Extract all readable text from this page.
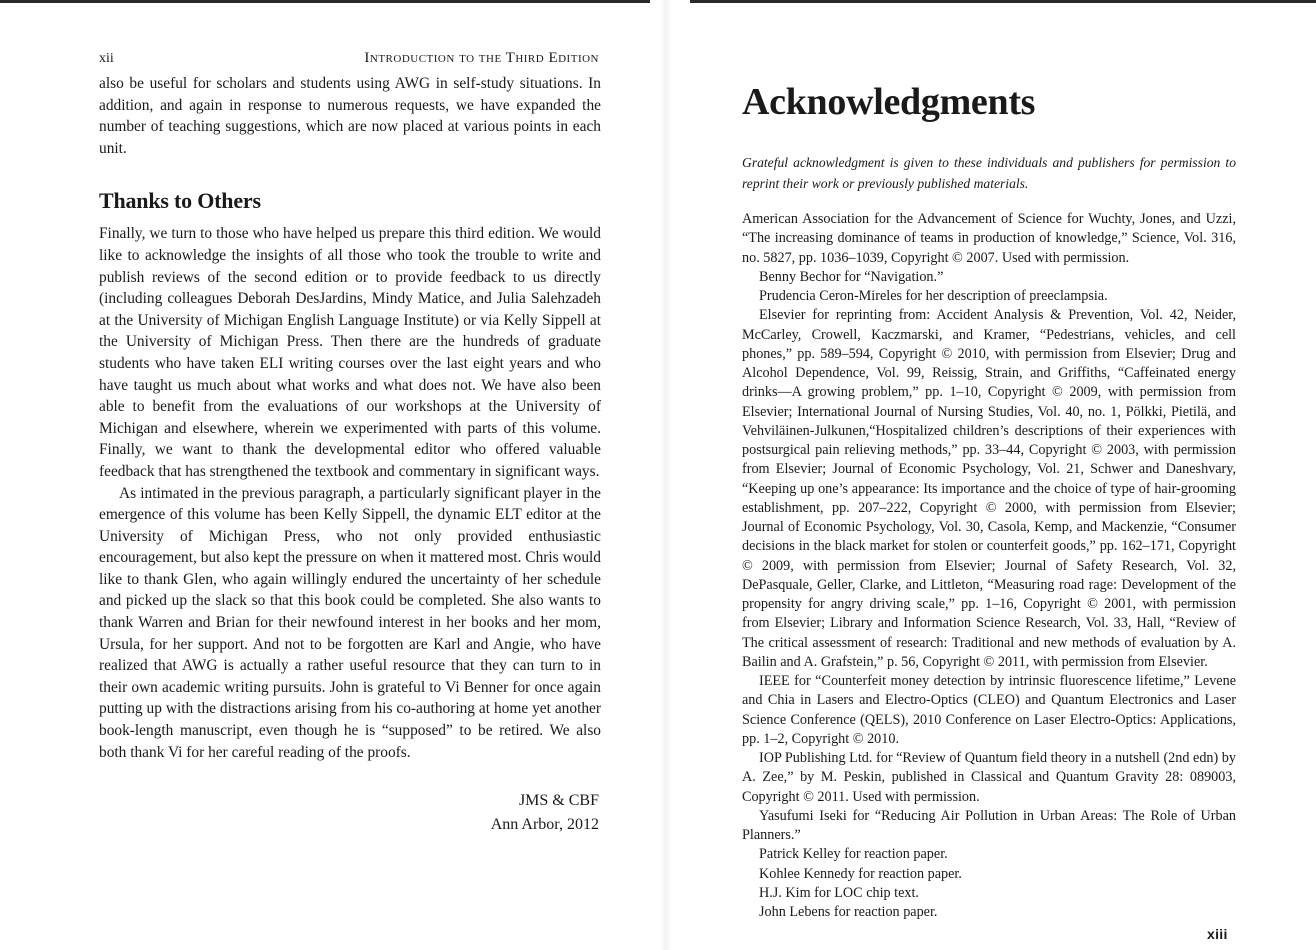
xii	Introduction to the Third Edition

also be useful for scholars and students using AWG in self-study situations. In addition, and again in response to numerous requests, we have expanded the number of teaching suggestions, which are now placed at various points in each unit.

Thanks to Others

Finally, we turn to those who have helped us prepare this third edition. We would like to acknowledge the insights of all those who took the trouble to write and publish reviews of the second edition or to provide feedback to us directly (including colleagues Deborah DesJardins, Mindy Matice, and Julia Salehzadeh at the University of Michigan English Language Institute) or via Kelly Sippell at the University of Michigan Press. Then there are the hundreds of graduate students who have taken ELI writing courses over the last eight years and who have taught us much about what works and what does not. We have also been able to benefit from the evaluations of our workshops at the University of Michigan and elsewhere, wherein we experimented with parts of this volume. Finally, we want to thank the developmental editor who offered valuable feedback that has strengthened the textbook and commentary in significant ways.

As intimated in the previous paragraph, a particularly significant player in the emergence of this volume has been Kelly Sippell, the dynamic ELT editor at the University of Michigan Press, who not only provided enthusiastic encouragement, but also kept the pressure on when it mattered most. Chris would like to thank Glen, who again willingly endured the uncertainty of her schedule and picked up the slack so that this book could be completed. She also wants to thank Warren and Brian for their newfound interest in her books and her mom, Ursula, for her support. And not to be forgotten are Karl and Angie, who have realized that AWG is actually a rather useful resource that they can turn to in their own academic writing pursuits. John is grateful to Vi Benner for once again putting up with the distractions arising from his co-authoring at home yet another book-length manuscript, even though he is “supposed” to be retired. We also both thank Vi for her careful reading of the proofs.

JMS & CBF
Ann Arbor, 2012
Acknowledgments

Grateful acknowledgment is given to these individuals and publishers for permission to reprint their work or previously published materials.

American Association for the Advancement of Science for Wuchty, Jones, and Uzzi, “The increasing dominance of teams in production of knowledge,” Science, Vol. 316, no. 5827, pp. 1036–1039, Copyright © 2007. Used with permission.

Benny Bechor for “Navigation.”

Prudencia Ceron-Mireles for her description of preeclampsia.

Elsevier for reprinting from: Accident Analysis & Prevention, Vol. 42, Neider, McCarley, Crowell, Kaczmarski, and Kramer, “Pedestrians, vehicles, and cell phones,” pp. 589–594, Copyright © 2010, with permission from Elsevier; Drug and Alcohol Dependence, Vol. 99, Reissig, Strain, and Griffiths, “Caffeinated energy drinks—A growing problem,” pp. 1–10, Copyright © 2009, with permission from Elsevier; International Journal of Nursing Studies, Vol. 40, no. 1, Pölkki, Pietilä, and Vehviläinen-Julkunen,“Hospitalized children’s descriptions of their experiences with postsurgical pain relieving methods,” pp. 33–44, Copyright © 2003, with permission from Elsevier; Journal of Economic Psychology, Vol. 21, Schwer and Daneshvary, “Keeping up one’s appearance: Its importance and the choice of type of hair-grooming establishment, pp. 207–222, Copyright © 2000, with permission from Elsevier; Journal of Economic Psychology, Vol. 30, Casola, Kemp, and Mackenzie, “Consumer decisions in the black market for stolen or counterfeit goods,” pp. 162–171, Copyright © 2009, with permission from Elsevier; Journal of Safety Research, Vol. 32, DePasquale, Geller, Clarke, and Littleton, “Measuring road rage: Development of the propensity for angry driving scale,” pp. 1–16, Copyright © 2001, with permission from Elsevier; Library and Information Science Research, Vol. 33, Hall, “Review of The critical assessment of research: Traditional and new methods of evaluation by A. Bailin and A. Grafstein,” p. 56, Copyright © 2011, with permission from Elsevier.

IEEE for “Counterfeit money detection by intrinsic fluorescence lifetime,” Levene and Chia in Lasers and Electro-Optics (CLEO) and Quantum Electronics and Laser Science Conference (QELS), 2010 Conference on Laser Electro-Optics: Applications, pp. 1–2, Copyright © 2010.

IOP Publishing Ltd. for “Review of Quantum field theory in a nutshell (2nd edn) by A. Zee,” by M. Peskin, published in Classical and Quantum Gravity 28: 089003, Copyright © 2011. Used with permission.

Yasufumi Iseki for “Reducing Air Pollution in Urban Areas: The Role of Urban Planners.”

Patrick Kelley for reaction paper.

Kohlee Kennedy for reaction paper.

H.J. Kim for LOC chip text.

John Lebens for reaction paper.

xiii
